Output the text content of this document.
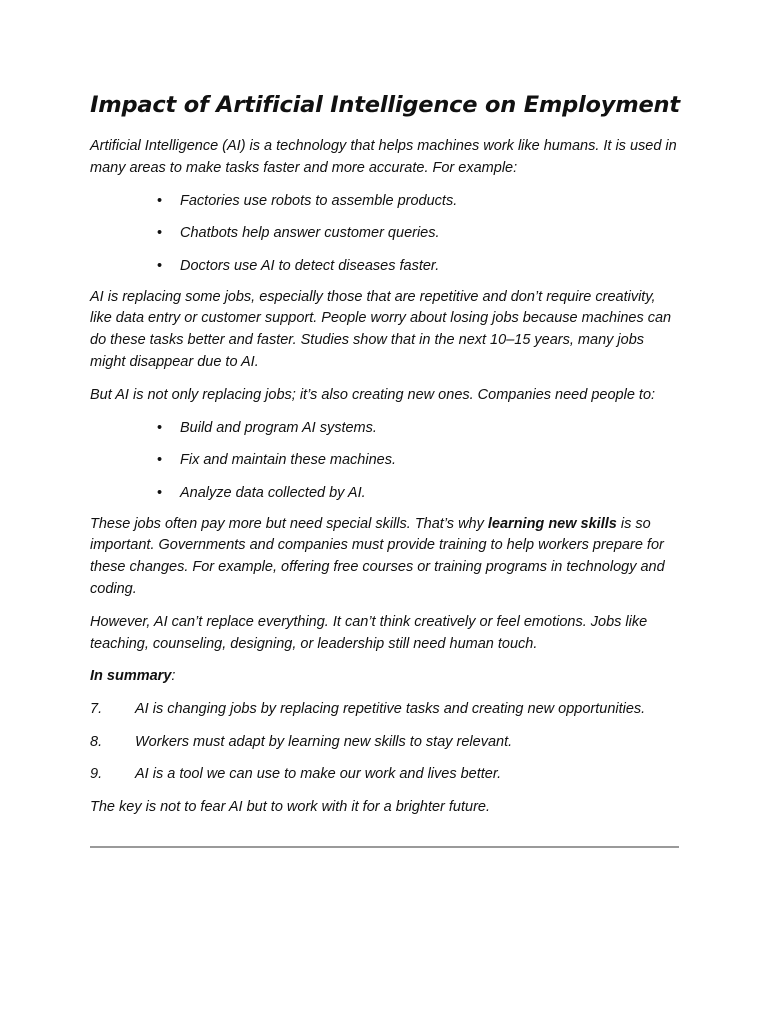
Impact of Artificial Intelligence on Employment

Artificial Intelligence (AI) is a technology that helps machines work like humans. It is used in many areas to make tasks faster and more accurate. For example:

• Factories use robots to assemble products.
• Chatbots help answer customer queries.
• Doctors use AI to detect diseases faster.

AI is replacing some jobs, especially those that are repetitive and don’t require creativity, like data entry or customer support. People worry about losing jobs because machines can do these tasks better and faster. Studies show that in the next 10–15 years, many jobs might disappear due to AI.

But AI is not only replacing jobs; it’s also creating new ones. Companies need people to:

• Build and program AI systems.
• Fix and maintain these machines.
• Analyze data collected by AI.

These jobs often pay more but need special skills. That’s why learning new skills is so important. Governments and companies must provide training to help workers prepare for these changes. For example, offering free courses or training programs in technology and coding.

However, AI can’t replace everything. It can’t think creatively or feel emotions. Jobs like teaching, counseling, designing, or leadership still need human touch.

In summary:

7. AI is changing jobs by replacing repetitive tasks and creating new opportunities.
8. Workers must adapt by learning new skills to stay relevant.
9. AI is a tool we can use to make our work and lives better.

The key is not to fear AI but to work with it for a brighter future.
